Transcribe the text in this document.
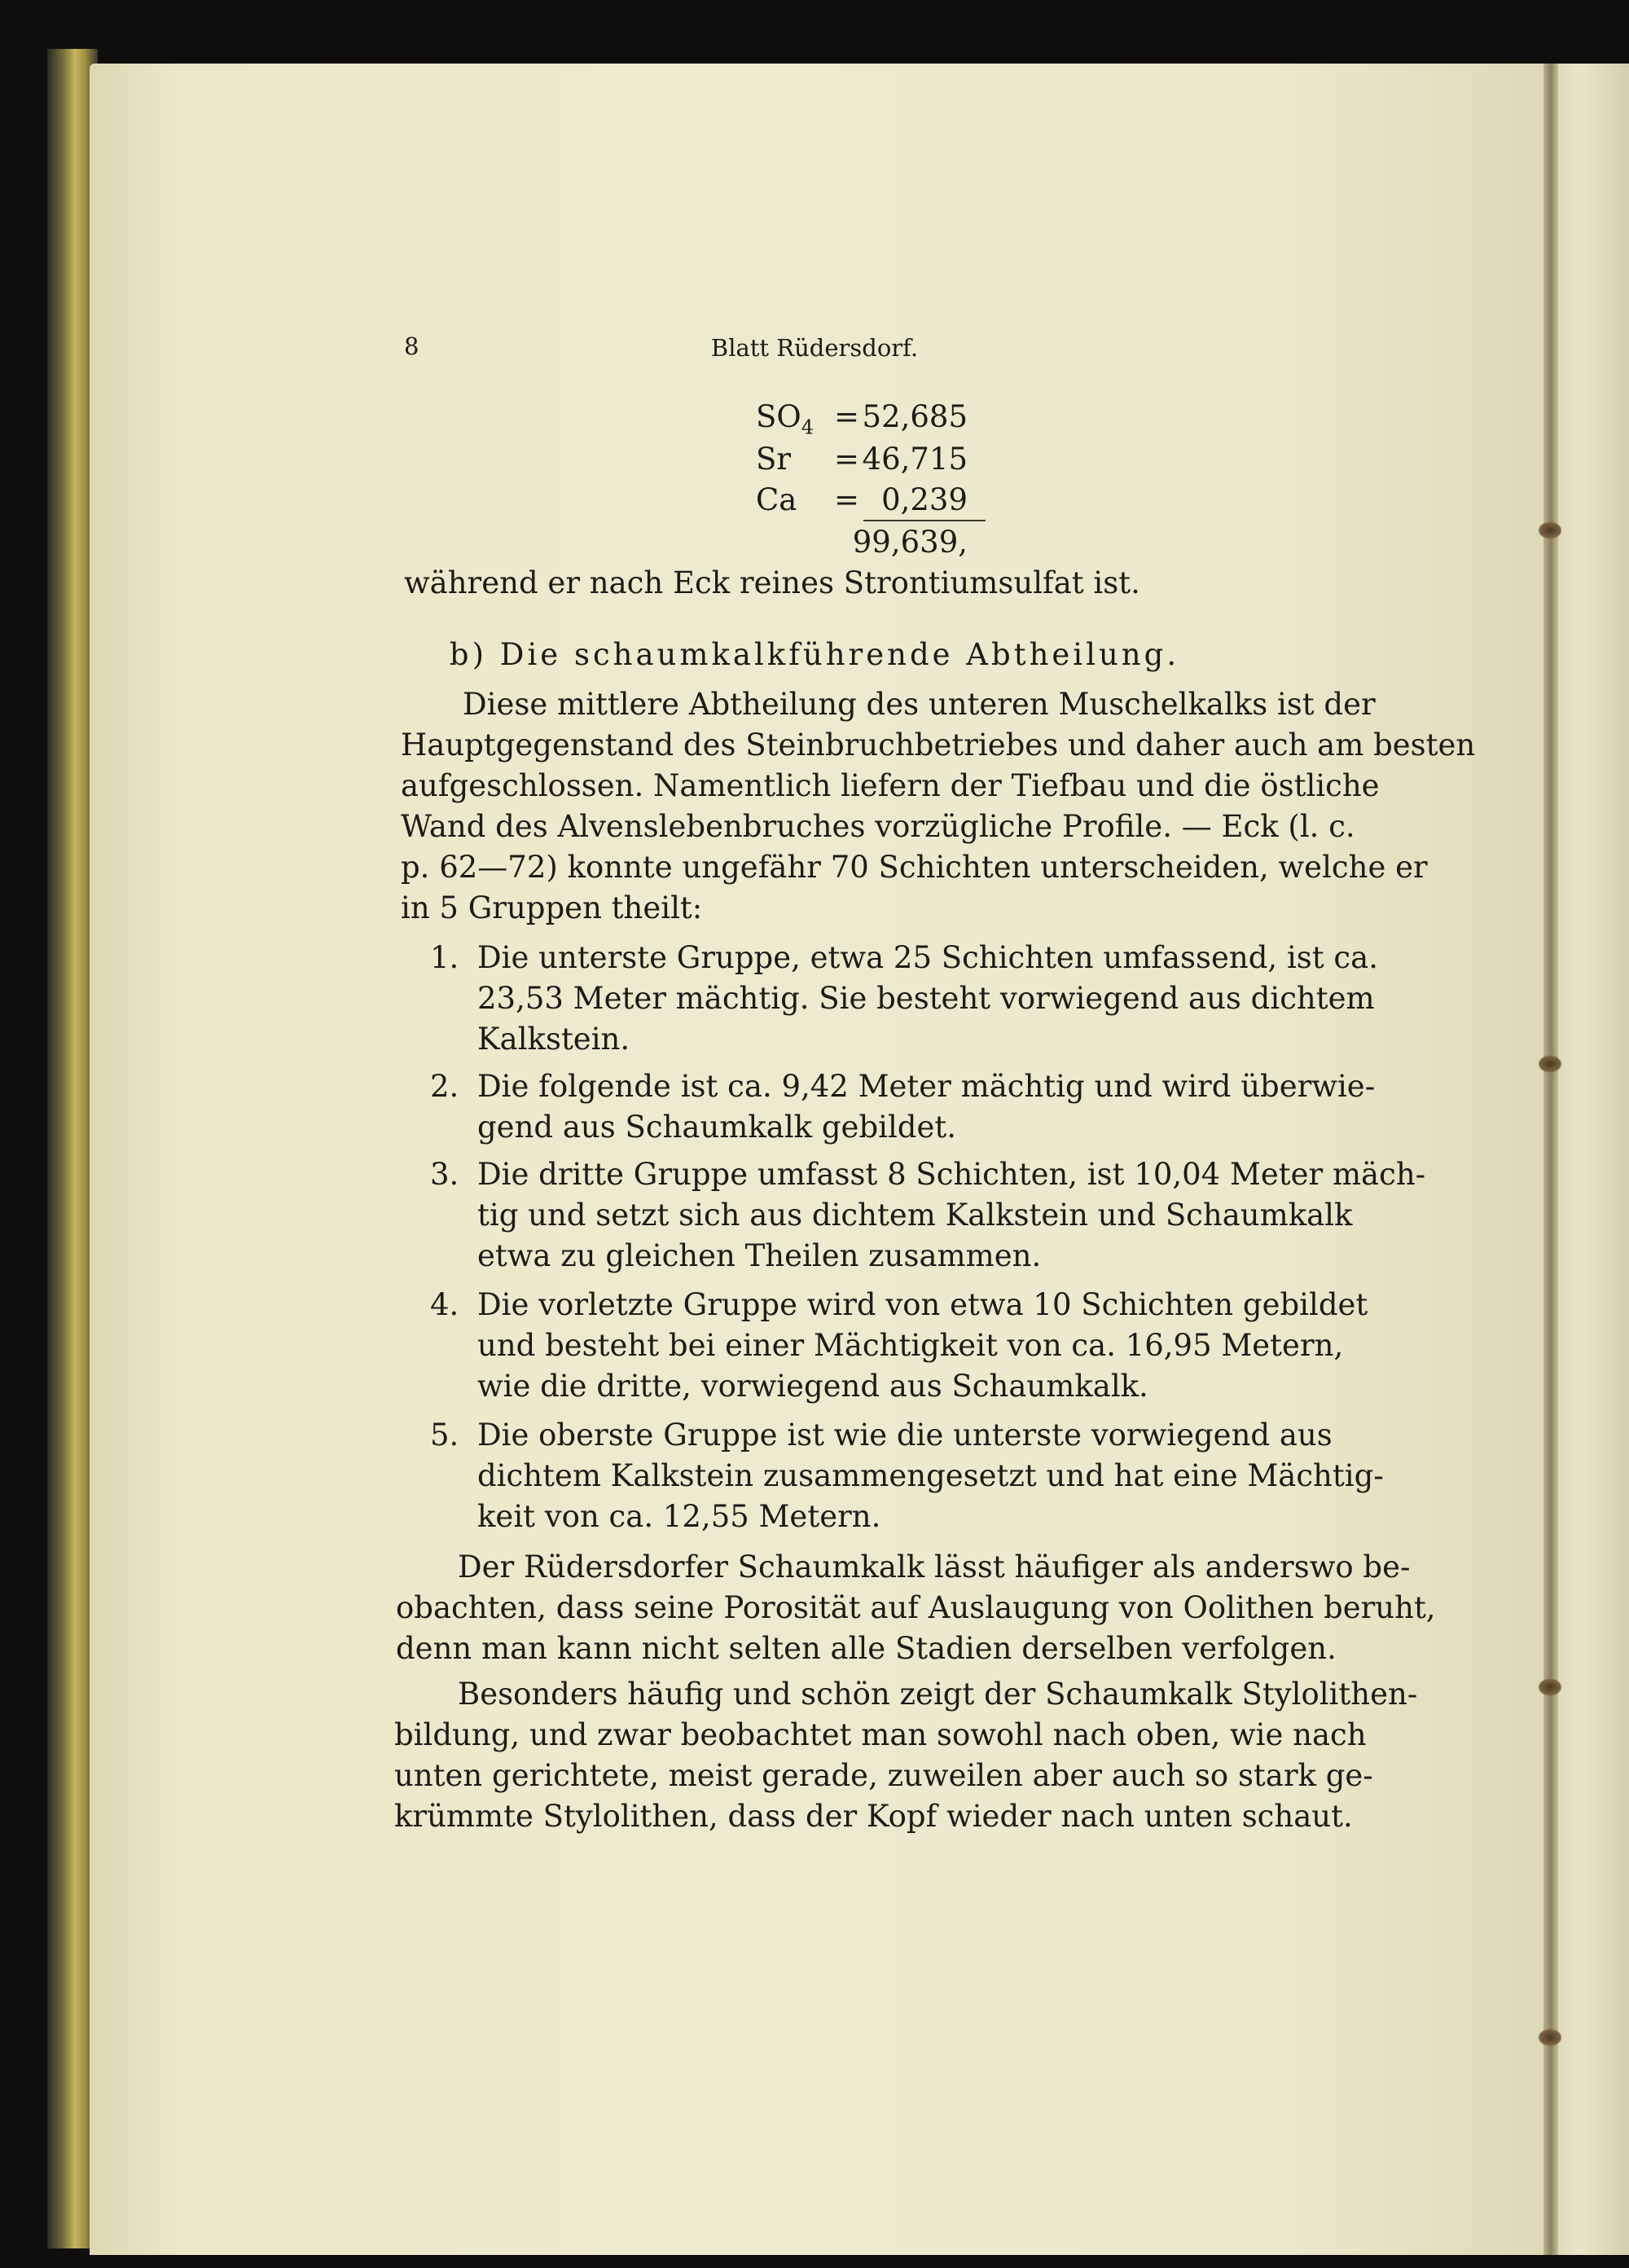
8	Blatt Rüdersdorf.
$SO_4 = 52,685$
Sr = 46,715
Ca = 0,239
99,639,
während er nach Eck reines Strontiumsulfat ist.
b) Die schaumkalkführende Abtheilung.
Diese mittlere Abtheilung des unteren Muschelkalks ist der
Hauptgegenstand des Steinbruchbetriebes und daher auch am besten
aufgeschlossen. Namentlich liefern der Tiefbau und die östliche
Wand des Alvenslebenbruches vorzügliche Profile. — Eck (l. c.
p. 62—72) konnte ungefähr 70 Schichten unterscheiden, welche er
in 5 Gruppen theilt:
1. Die unterste Gruppe, etwa 25 Schichten umfassend, ist ca.
23,53 Meter mächtig. Sie besteht vorwiegend aus dichtem
Kalkstein.
2. Die folgende ist ca. 9,42 Meter mächtig und wird überwie-
gend aus Schaumkalk gebildet.
3. Die dritte Gruppe umfasst 8 Schichten, ist 10,04 Meter mäch-
tig und setzt sich aus dichtem Kalkstein und Schaumkalk
etwa zu gleichen Theilen zusammen.
4. Die vorletzte Gruppe wird von etwa 10 Schichten gebildet
und besteht bei einer Mächtigkeit von ca. 16,95 Metern,
wie die dritte, vorwiegend aus Schaumkalk.
5. Die oberste Gruppe ist wie die unterste vorwiegend aus
dichtem Kalkstein zusammengesetzt und hat eine Mächtig-
keit von ca. 12,55 Metern.
Der Rüdersdorfer Schaumkalk lässt häufiger als anderswo be-
obachten, dass seine Porosität auf Auslaugung von Oolithen beruht,
denn man kann nicht selten alle Stadien derselben verfolgen.
Besonders häufig und schön zeigt der Schaumkalk Stylolithen-
bildung, und zwar beobachtet man sowohl nach oben, wie nach
unten gerichtete, meist gerade, zuweilen aber auch so stark ge-
krümmte Stylolithen, dass der Kopf wieder nach unten schaut.
